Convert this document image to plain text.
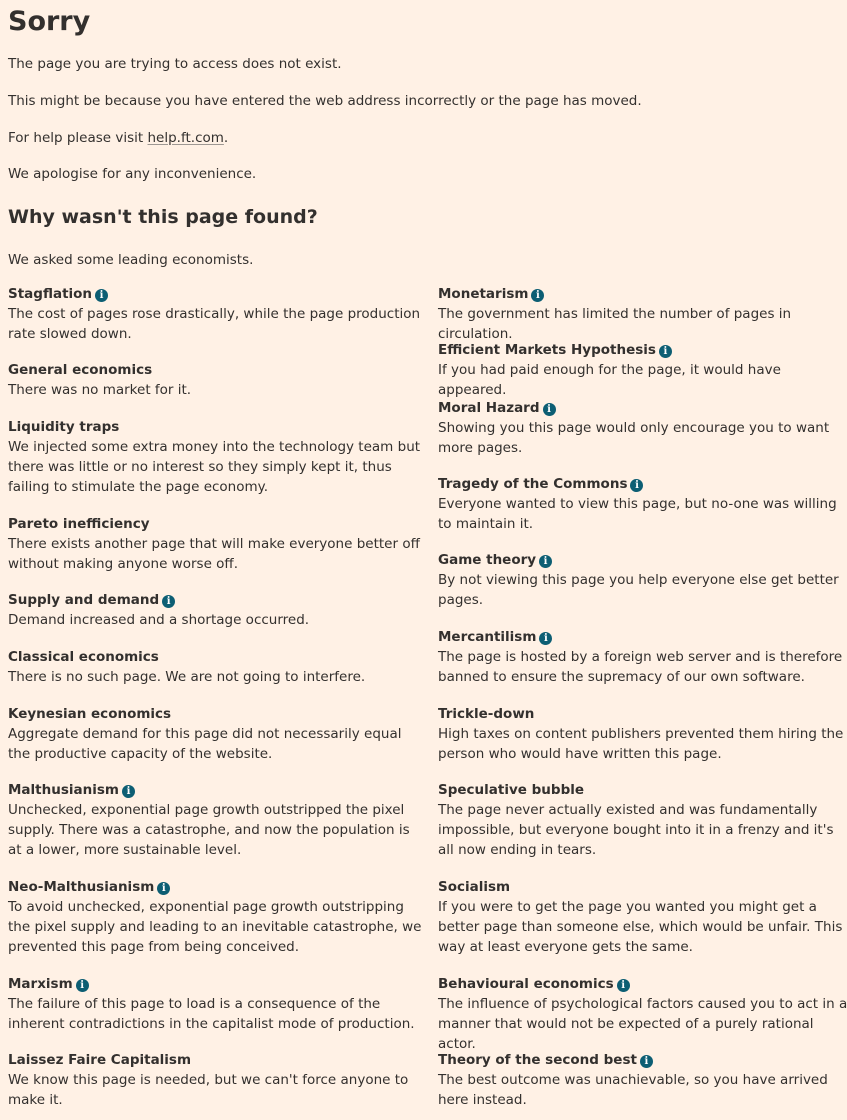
Sorry

The page you are trying to access does not exist.

This might be because you have entered the web address incorrectly or the page has moved.

For help please visit help.ft.com.

We apologise for any inconvenience.

Why wasn't this page found?

We asked some leading economists.

Stagflation i
The cost of pages rose drastically, while the page production rate slowed down.
General economics
There was no market for it.
Liquidity traps
We injected some extra money into the technology team but there was little or no interest so they simply kept it, thus failing to stimulate the page economy.
Pareto inefficiency
There exists another page that will make everyone better off without making anyone worse off.
Supply and demand i
Demand increased and a shortage occurred.
Classical economics
There is no such page. We are not going to interfere.
Keynesian economics
Aggregate demand for this page did not necessarily equal the productive capacity of the website.
Malthusianism i
Unchecked, exponential page growth outstripped the pixel supply. There was a catastrophe, and now the population is at a lower, more sustainable level.
Neo-Malthusianism i
To avoid unchecked, exponential page growth outstripping the pixel supply and leading to an inevitable catastrophe, we prevented this page from being conceived.
Marxism i
The failure of this page to load is a consequence of the inherent contradictions in the capitalist mode of production.
Laissez Faire Capitalism
We know this page is needed, but we can't force anyone to make it.
Monetarism i
The government has limited the number of pages in circulation.
Efficient Markets Hypothesis i
If you had paid enough for the page, it would have appeared.
Moral Hazard i
Showing you this page would only encourage you to want more pages.
Tragedy of the Commons i
Everyone wanted to view this page, but no-one was willing to maintain it.
Game theory i
By not viewing this page you help everyone else get better pages.
Mercantilism i
The page is hosted by a foreign web server and is therefore banned to ensure the supremacy of our own software.
Trickle-down
High taxes on content publishers prevented them hiring the person who would have written this page.
Speculative bubble
The page never actually existed and was fundamentally impossible, but everyone bought into it in a frenzy and it's all now ending in tears.
Socialism
If you were to get the page you wanted you might get a better page than someone else, which would be unfair. This way at least everyone gets the same.
Behavioural economics i
The influence of psychological factors caused you to act in a manner that would not be expected of a purely rational actor.
Theory of the second best i
The best outcome was unachievable, so you have arrived here instead.
